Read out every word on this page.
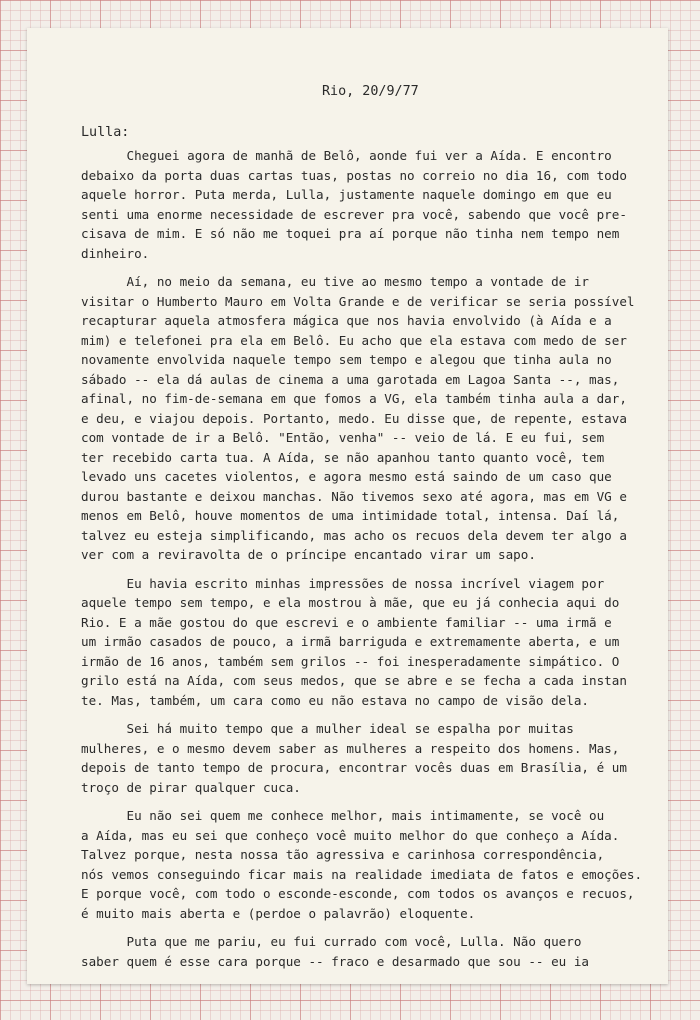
Rio, 20/9/77
Lulla:
Cheguei agora de manhã de Belô, aonde fui ver a Aída. E encontro
debaixo da porta duas cartas tuas, postas no correio no dia 16, com todo
aquele horror. Puta merda, Lulla, justamente naquele domingo em que eu
senti uma enorme necessidade de escrever pra você, sabendo que você pre-
cisava de mim. E só não me toquei pra aí porque não tinha nem tempo nem
dinheiro.
Aí, no meio da semana, eu tive ao mesmo tempo a vontade de ir
visitar o Humberto Mauro em Volta Grande e de verificar se seria possível
recapturar aquela atmosfera mágica que nos havia envolvido (à Aída e a
mim) e telefonei pra ela em Belô. Eu acho que ela estava com medo de ser
novamente envolvida naquele tempo sem tempo e alegou que tinha aula no
sábado -- ela dá aulas de cinema a uma garotada em Lagoa Santa --, mas,
afinal, no fim-de-semana em que fomos a VG, ela também tinha aula a dar,
e deu, e viajou depois. Portanto, medo. Eu disse que, de repente, estava
com vontade de ir a Belô. "Então, venha" -- veio de lá. E eu fui, sem
ter recebido carta tua. A Aída, se não apanhou tanto quanto você, tem
levado uns cacetes violentos, e agora mesmo está saindo de um caso que
durou bastante e deixou manchas. Não tivemos sexo até agora, mas em VG e
menos em Belô, houve momentos de uma intimidade total, intensa. Daí lá,
talvez eu esteja simplificando, mas acho os recuos dela devem ter algo a
ver com a reviravolta de o príncipe encantado virar um sapo.
Eu havia escrito minhas impressões de nossa incrível viagem por
aquele tempo sem tempo, e ela mostrou à mãe, que eu já conhecia aqui do
Rio. E a mãe gostou do que escrevi e o ambiente familiar -- uma irmã e
um irmão casados de pouco, a irmã barriguda e extremamente aberta, e um
irmão de 16 anos, também sem grilos -- foi inesperadamente simpático. O
grilo está na Aída, com seus medos, que se abre e se fecha a cada instan
te. Mas, também, um cara como eu não estava no campo de visão dela.
Sei há muito tempo que a mulher ideal se espalha por muitas
mulheres, e o mesmo devem saber as mulheres a respeito dos homens. Mas,
depois de tanto tempo de procura, encontrar vocês duas em Brasília, é um
troço de pirar qualquer cuca.
Eu não sei quem me conhece melhor, mais intimamente, se você ou
a Aída, mas eu sei que conheço você muito melhor do que conheço a Aída.
Talvez porque, nesta nossa tão agressiva e carinhosa correspondência,
nós vemos conseguindo ficar mais na realidade imediata de fatos e emoções.
E porque você, com todo o esconde-esconde, com todos os avanços e recuos,
é muito mais aberta e (perdoe o palavrão) eloquente.
Puta que me pariu, eu fui currado com você, Lulla. Não quero
saber quem é esse cara porque -- fraco e desarmado que sou -- eu ia
